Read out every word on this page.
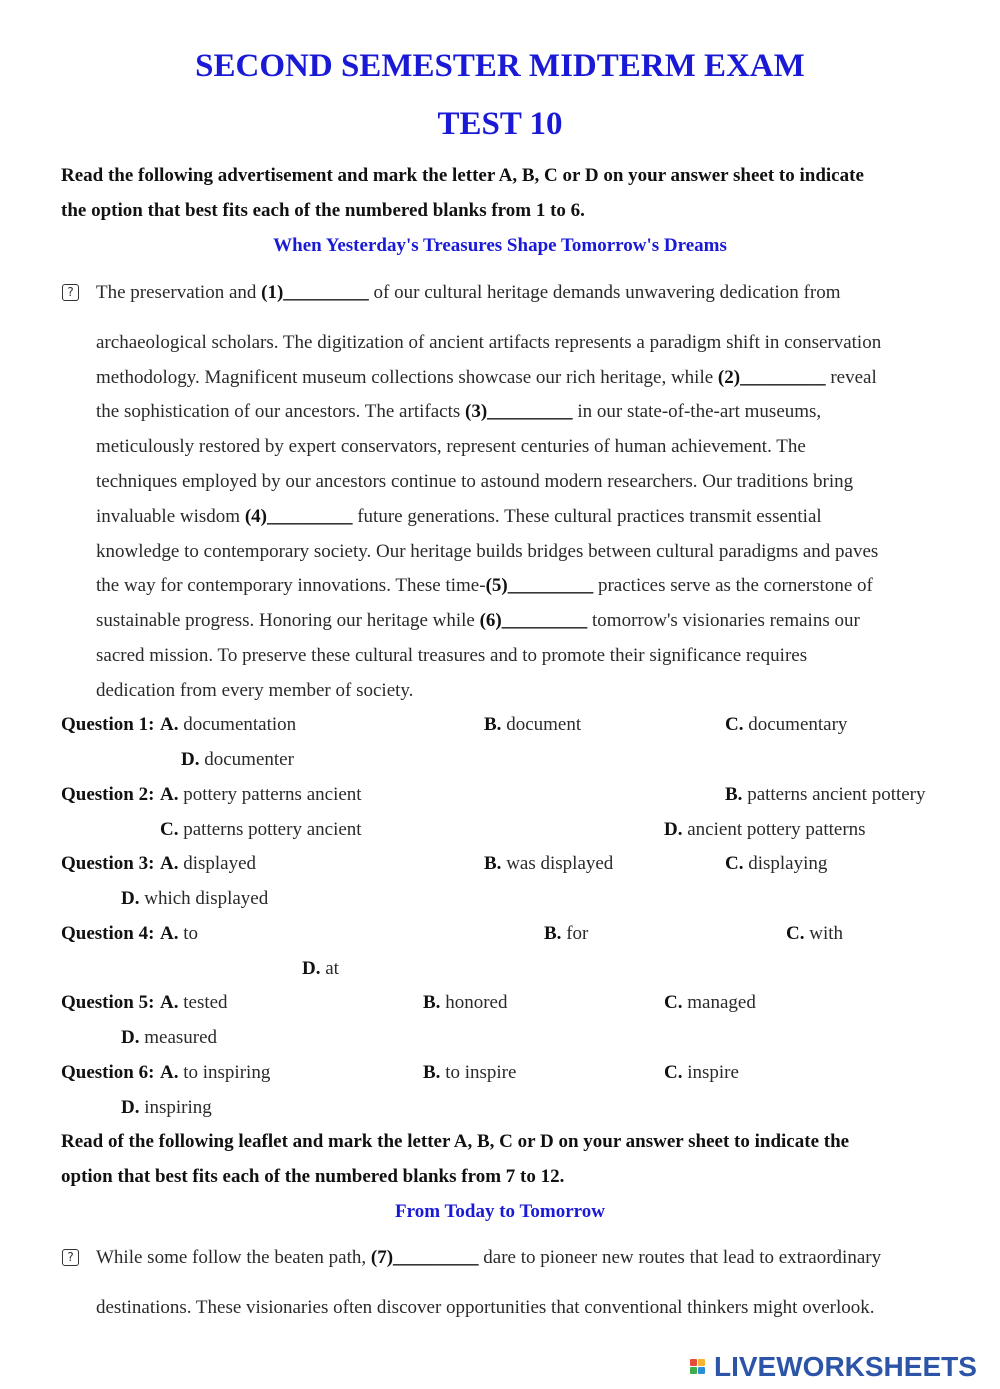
SECOND SEMESTER MIDTERM EXAM
TEST 10
Read the following advertisement and mark the letter A, B, C or D on your answer sheet to indicate
the option that best fits each of the numbered blanks from 1 to 6.
When Yesterday's Treasures Shape Tomorrow's Dreams
? The preservation and (1)_________ of our cultural heritage demands unwavering dedication from
archaeological scholars. The digitization of ancient artifacts represents a paradigm shift in conservation
methodology. Magnificent museum collections showcase our rich heritage, while (2)_________ reveal
the sophistication of our ancestors. The artifacts (3)_________ in our state-of-the-art museums,
meticulously restored by expert conservators, represent centuries of human achievement. The
techniques employed by our ancestors continue to astound modern researchers. Our traditions bring
invaluable wisdom (4)_________ future generations. These cultural practices transmit essential
knowledge to contemporary society. Our heritage builds bridges between cultural paradigms and paves
the way for contemporary innovations. These time-(5)_________ practices serve as the cornerstone of
sustainable progress. Honoring our heritage while (6)_________ tomorrow's visionaries remains our
sacred mission. To preserve these cultural treasures and to promote their significance requires
dedication from every member of society.
Question 1: A. documentation	B. document	C. documentary
D. documenter
Question 2: A. pottery patterns ancient	B. patterns ancient pottery
C. patterns pottery ancient	D. ancient pottery patterns
Question 3: A. displayed	B. was displayed	C. displaying
D. which displayed
Question 4: A. to	B. for	C. with
D. at
Question 5: A. tested	B. honored	C. managed
D. measured
Question 6: A. to inspiring	B. to inspire	C. inspire
D. inspiring
Read of the following leaflet and mark the letter A, B, C or D on your answer sheet to indicate the
option that best fits each of the numbered blanks from 7 to 12.
From Today to Tomorrow
? While some follow the beaten path, (7)_________ dare to pioneer new routes that lead to extraordinary
destinations. These visionaries often discover opportunities that conventional thinkers might overlook.
LIVEWORKSHEETS
